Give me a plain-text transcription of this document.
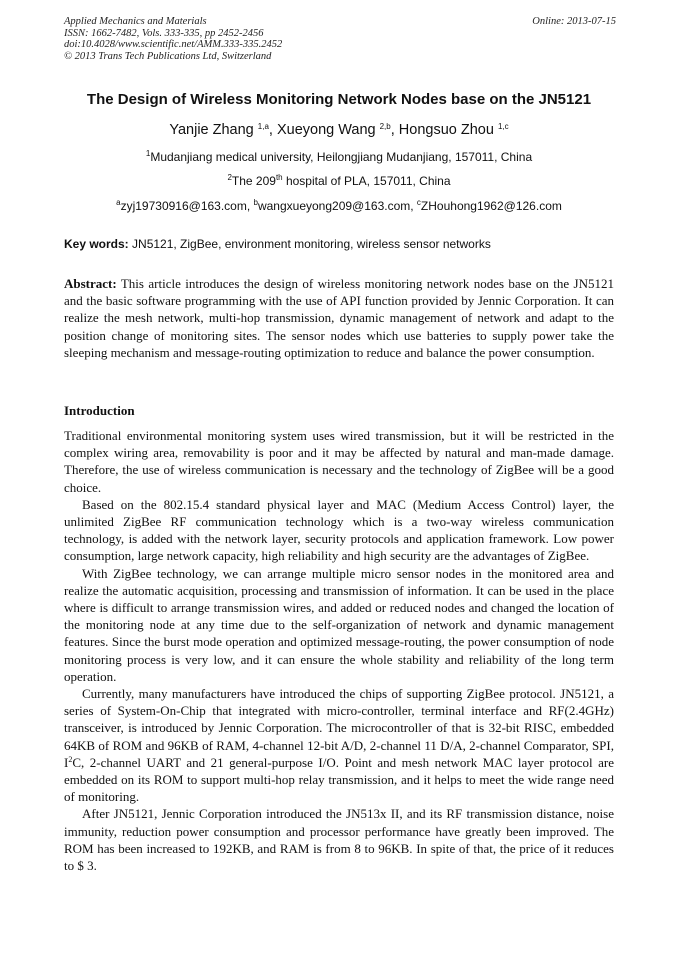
Applied Mechanics and Materials
ISSN: 1662-7482, Vols. 333-335, pp 2452-2456
doi:10.4028/www.scientific.net/AMM.333-335.2452
© 2013 Trans Tech Publications Ltd, Switzerland
Online: 2013-07-15
The Design of Wireless Monitoring Network Nodes base on the JN5121
Yanjie Zhang $^{1,a}$, Xueyong Wang $^{2,b}$, Hongsuo Zhou $^{1,c}$
$^1$Mudanjiang medical university, Heilongjiang Mudanjiang, 157011, China
$^2$The 209th hospital of PLA, 157011, China
$^a$zyj19730916@163.com, $^b$wangxueyong209@163.com, $^c$ZHouhong1962@126.com
Key words: JN5121, ZigBee, environment monitoring, wireless sensor networks
Abstract: This article introduces the design of wireless monitoring network nodes base on the JN5121 and the basic software programming with the use of API function provided by Jennic Corporation. It can realize the mesh network, multi-hop transmission, dynamic management of network and adapt to the position change of monitoring sites. The sensor nodes which use batteries to supply power take the sleeping mechanism and message-routing optimization to reduce and balance the power consumption.
Introduction

Traditional environmental monitoring system uses wired transmission, but it will be restricted in the complex wiring area, removability is poor and it may be affected by natural and man-made damage. Therefore, the use of wireless communication is necessary and the technology of ZigBee will be a good choice.

Based on the 802.15.4 standard physical layer and MAC (Medium Access Control) layer, the unlimited ZigBee RF communication technology which is a two-way wireless communication technology, is added with the network layer, security protocols and application framework. Low power consumption, large network capacity, high reliability and high security are the advantages of ZigBee.

With ZigBee technology, we can arrange multiple micro sensor nodes in the monitored area and realize the automatic acquisition, processing and transmission of information. It can be used in the place where is difficult to arrange transmission wires, and added or reduced nodes and changed the location of the monitoring node at any time due to the self-organization of network and dynamic management features. Since the burst mode operation and optimized message-routing, the power consumption of node monitoring process is very low, and it can ensure the whole stability and reliability of the long term operation.

Currently, many manufacturers have introduced the chips of supporting ZigBee protocol. JN5121, a series of System-On-Chip that integrated with micro-controller, terminal interface and RF(2.4GHz) transceiver, is introduced by Jennic Corporation. The microcontroller of that is 32-bit RISC, embedded 64KB of ROM and 96KB of RAM, 4-channel 12-bit A/D, 2-channel 11 D/A, 2-channel Comparator, SPI, $I^2C$, 2-channel UART and 21 general-purpose I/O. Point and mesh network MAC layer protocol are embedded on its ROM to support multi-hop relay transmission, and it helps to meet the wide range need of monitoring.

After JN5121, Jennic Corporation introduced the JN513x II, and its RF transmission distance, noise immunity, reduction power consumption and processor performance have greatly been improved. The ROM has been increased to 192KB, and RAM is from 8 to 96KB. In spite of that, the price of it reduces to $ 3.
